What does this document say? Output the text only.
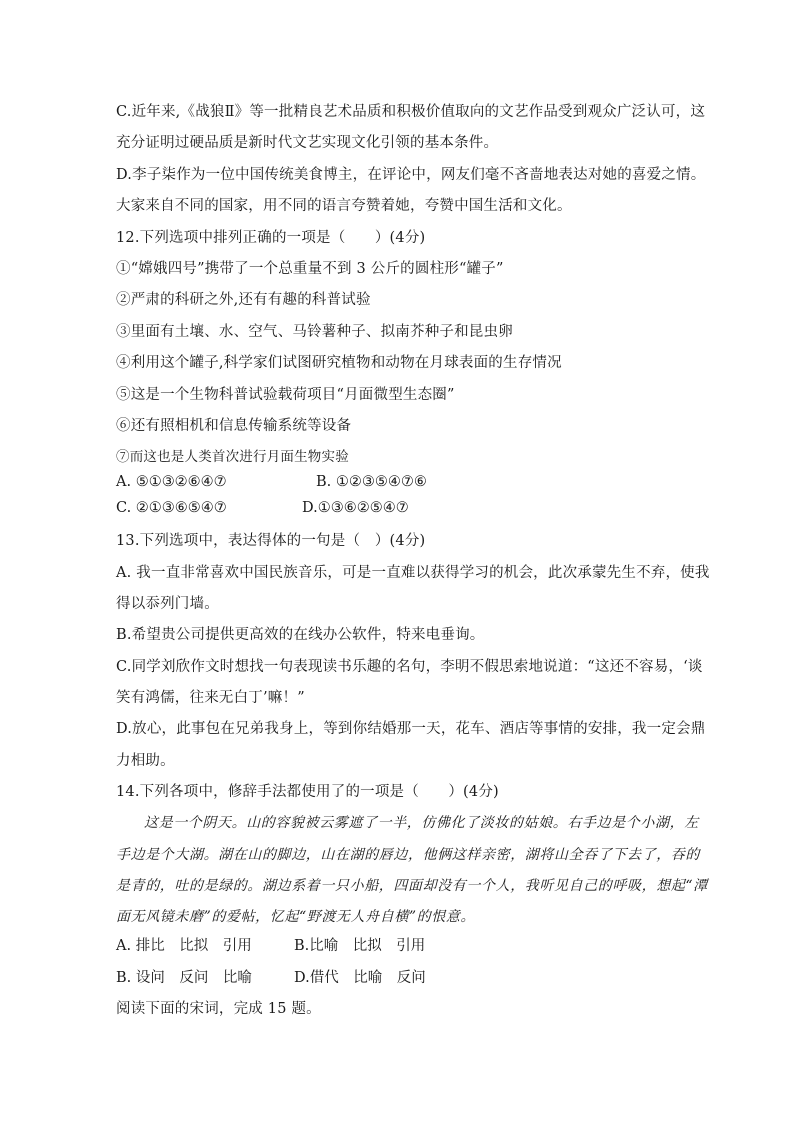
C.近年来,《战狼Ⅱ》等一批精良艺术品质和积极价值取向的文艺作品受到观众广泛认可，这
充分证明过硬品质是新时代文艺实现文化引领的基本条件。
D.李子柒作为一位中国传统美食博主，在评论中，网友们毫不吝啬地表达对她的喜爱之情。
大家来自不同的国家，用不同的语言夸赞着她，夸赞中国生活和文化。
12.下列选项中排列正确的一项是（　　）(4分)
①“嫦娥四号”携带了一个总重量不到 3 公斤的圆柱形“罐子”
②严肃的科研之外,还有有趣的科普试验
③里面有土壤、水、空气、马铃薯种子、拟南芥种子和昆虫卵
④利用这个罐子,科学家们试图研究植物和动物在月球表面的生存情况
⑤这是一个生物科普试验载荷项目“月面微型生态圈”
⑥还有照相机和信息传输系统等设备
⑦而这也是人类首次进行月面生物实验
A. ⑤①③②⑥④⑦	B. ①②③⑤④⑦⑥
C. ②①③⑥⑤④⑦	D.①③⑥②⑤④⑦
13.下列选项中，表达得体的一句是（　）(4分)
A. 我一直非常喜欢中国民族音乐，可是一直难以获得学习的机会，此次承蒙先生不弃，使我
得以忝列门墙。
B.希望贵公司提供更高效的在线办公软件，特来电垂询。
C.同学刘欣作文时想找一句表现读书乐趣的名句，李明不假思索地说道：“这还不容易，‘谈
笑有鸿儒，往来无白丁’嘛！”
D.放心，此事包在兄弟我身上，等到你结婚那一天，花车、酒店等事情的安排，我一定会鼎
力相助。
14.下列各项中，修辞手法都使用了的一项是（　　）(4分)
这是一个阴天。山的容貌被云雾遮了一半，仿佛化了淡妆的姑娘。右手边是个小湖，左
手边是个大湖。湖在山的脚边，山在湖的唇边，他俩这样亲密，湖将山全吞了下去了，吞的
是青的，吐的是绿的。湖边系着一只小船，四面却没有一个人，我听见自己的呼吸，想起“潭
面无风镜未磨”的爱帖，忆起“野渡无人舟自横”的恨意。
A. 排比　比拟　引用	B.比喻　比拟　引用
B. 设问　反问　比喻	D.借代　比喻　反问
阅读下面的宋词，完成 15 题。
